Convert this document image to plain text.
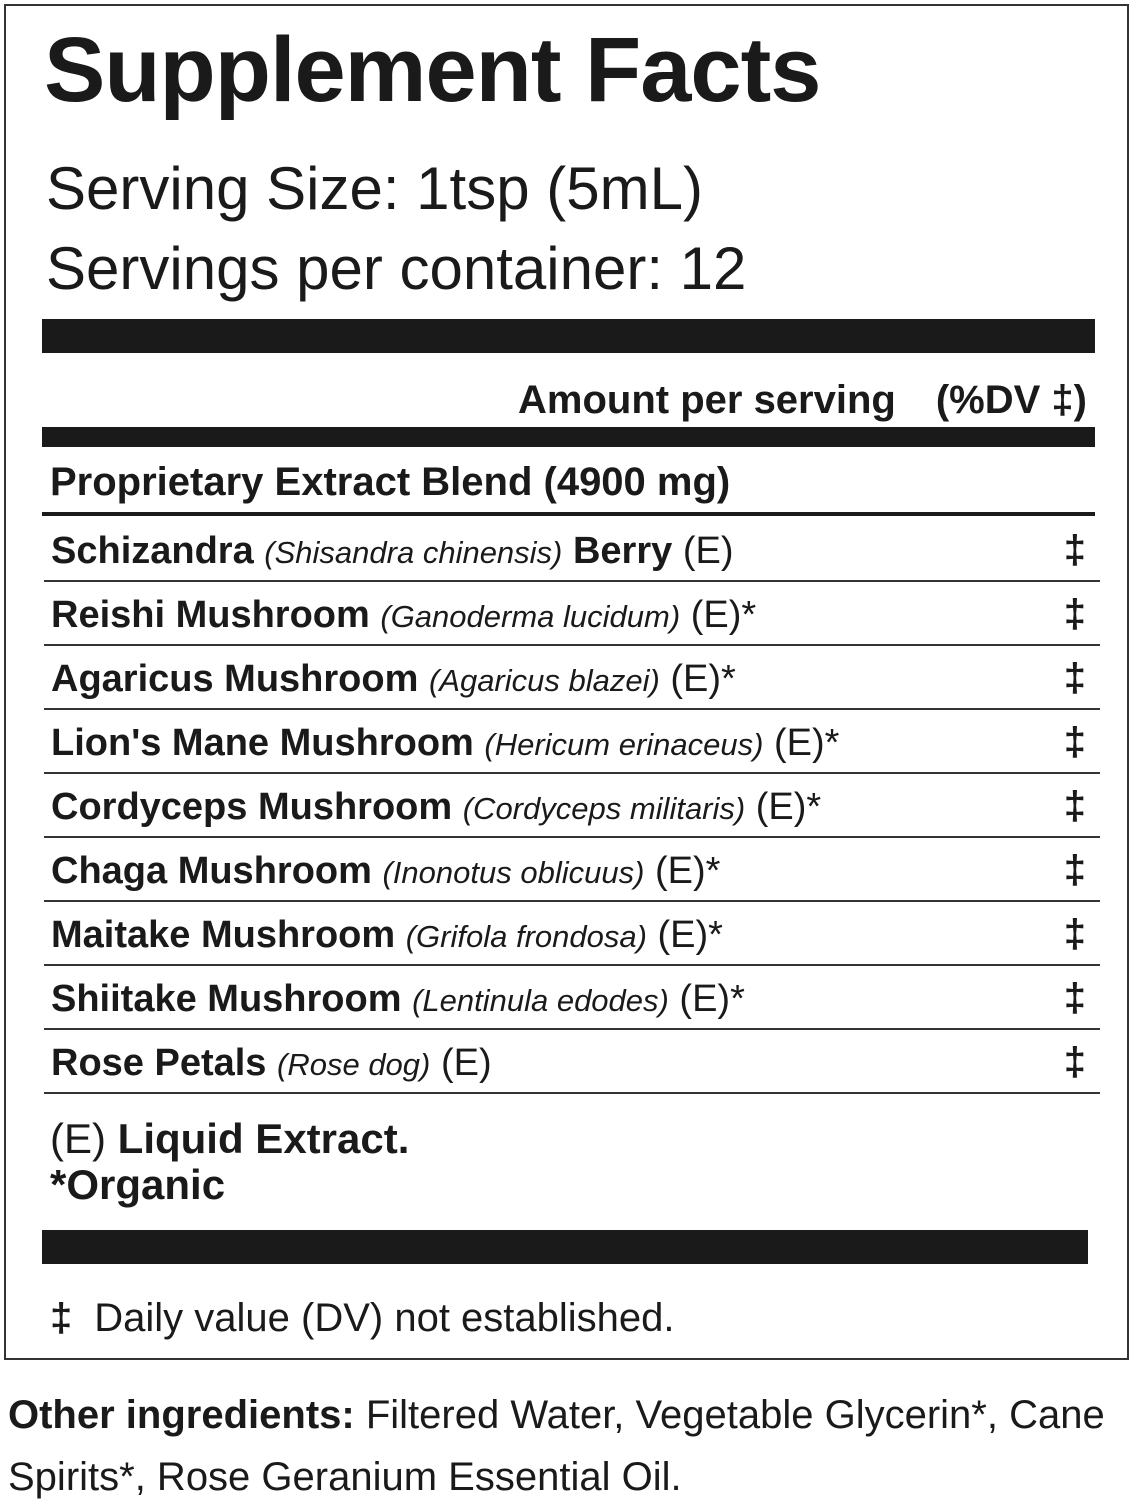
Supplement Facts
Serving Size: 1tsp (5mL)
Servings per container: 12
Amount per serving (%DV ‡)
Proprietary Extract Blend (4900 mg)
Schizandra (Shisandra chinensis) Berry (E)	‡
Reishi Mushroom (Ganoderma lucidum) (E)*	‡
Agaricus Mushroom (Agaricus blazei) (E)*	‡
Lion's Mane Mushroom (Hericum erinaceus) (E)*	‡
Cordyceps Mushroom (Cordyceps militaris) (E)*	‡
Chaga Mushroom (Inonotus oblicuus) (E)*	‡
Maitake Mushroom (Grifola frondosa) (E)*	‡
Shiitake Mushroom (Lentinula edodes) (E)*	‡
Rose Petals (Rose dog) (E)	‡
(E) Liquid Extract.
*Organic
‡ Daily value (DV) not established.
Other ingredients: Filtered Water, Vegetable Glycerin*, Cane Spirits*, Rose Geranium Essential Oil.
